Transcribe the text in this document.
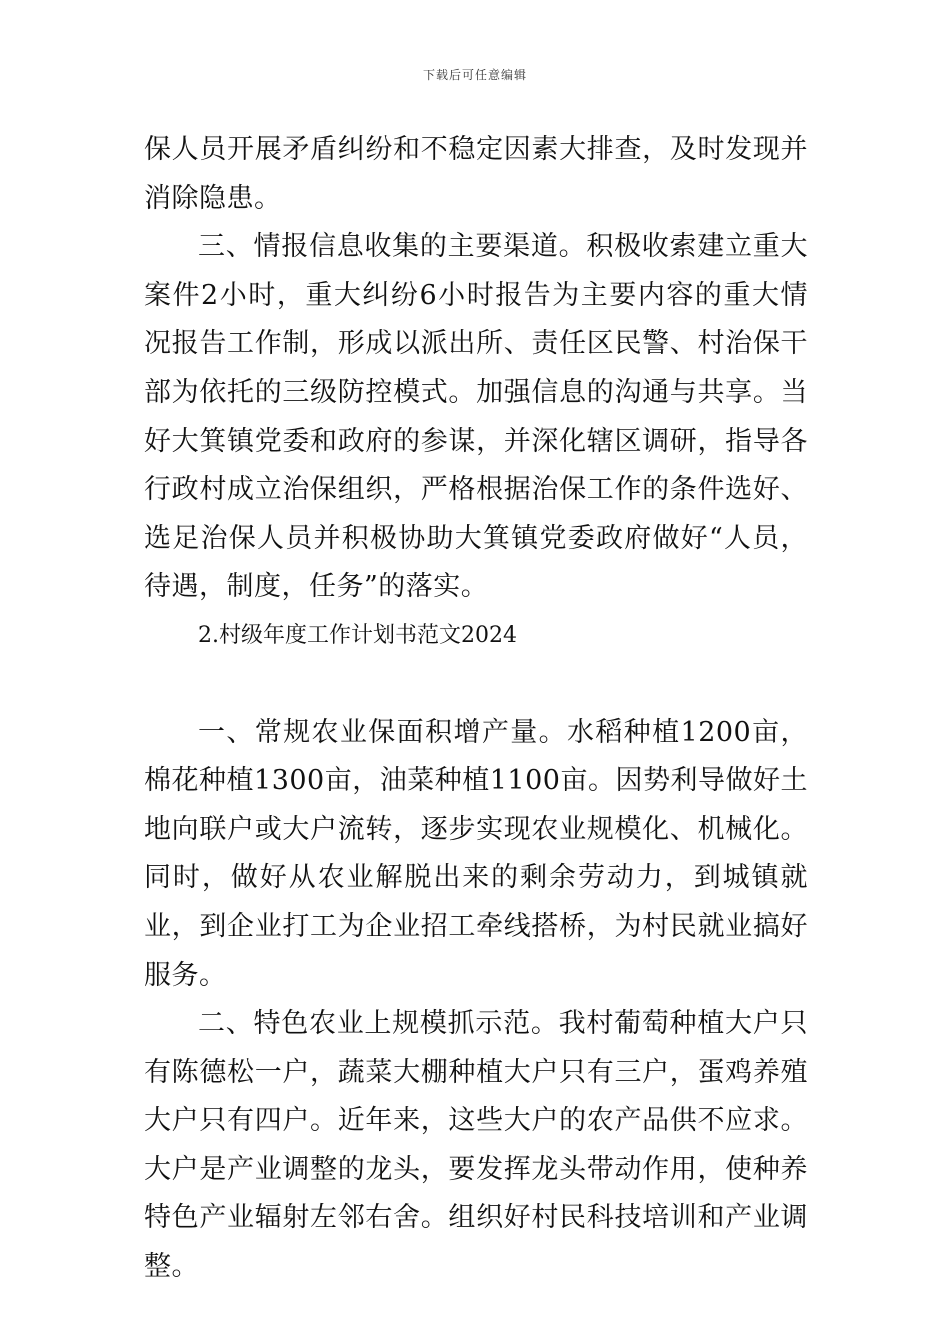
下载后可任意编辑

保人员开展矛盾纠纷和不稳定因素大排查，及时发现并消除隐患。

三、情报信息收集的主要渠道。积极收索建立重大案件2小时，重大纠纷6小时报告为主要内容的重大情况报告工作制，形成以派出所、责任区民警、村治保干部为依托的三级防控模式。加强信息的沟通与共享。当好大箕镇党委和政府的参谋，并深化辖区调研，指导各行政村成立治保组织，严格根据治保工作的条件选好、选足治保人员并积极协助大箕镇党委政府做好“人员，待遇，制度，任务”的落实。

2.村级年度工作计划书范文2024

一、常规农业保面积增产量。水稻种植1200亩，棉花种植1300亩，油菜种植1100亩。因势利导做好土地向联户或大户流转，逐步实现农业规模化、机械化。同时，做好从农业解脱出来的剩余劳动力，到城镇就业，到企业打工为企业招工牵线搭桥，为村民就业搞好服务。

二、特色农业上规模抓示范。我村葡萄种植大户只有陈德松一户，蔬菜大棚种植大户只有三户，蛋鸡养殖大户只有四户。近年来，这些大户的农产品供不应求。大户是产业调整的龙头，要发挥龙头带动作用，使种养特色产业辐射左邻右舍。组织好村民科技培训和产业调整。
